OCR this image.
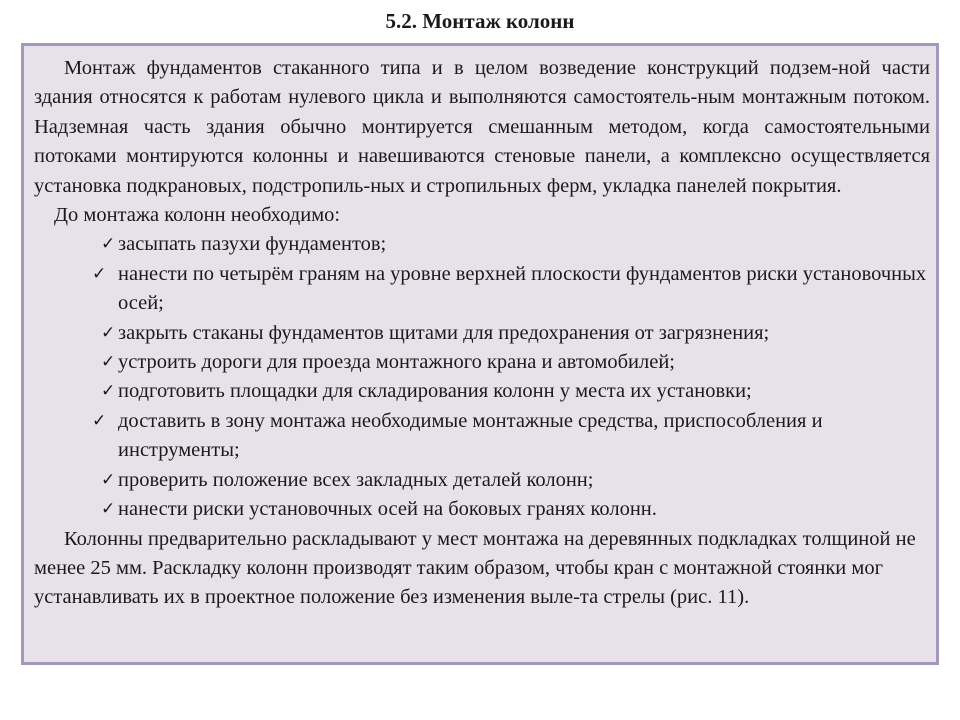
5.2. Монтаж колонн

Монтаж фундаментов стаканного типа и в целом возведение конструкций подзем-ной части здания относятся к работам нулевого цикла и выполняются самостоятель-ным монтажным потоком. Надземная часть здания обычно монтируется смешанным методом, когда самостоятельными потоками монтируются колонны и навешиваются стеновые панели, а комплексно осуществляется установка подкрановых, подстропиль-ных и стропильных ферм, укладка панелей покрытия.

До монтажа колонн необходимо:

✓ засыпать пазухи фундаментов;
✓ нанести по четырём граням на уровне верхней плоскости фундаментов риски установочных осей;
✓ закрыть стаканы фундаментов щитами для предохранения от загрязнения;
✓ устроить дороги для проезда монтажного крана и автомобилей;
✓ подготовить площадки для складирования колонн у места их установки;
✓ доставить в зону монтажа необходимые монтажные средства, приспособления и инструменты;
✓ проверить положение всех закладных деталей колонн;
✓ нанести риски установочных осей на боковых гранях колонн.

Колонны предварительно раскладывают у мест монтажа на деревянных подкладках толщиной не менее 25 мм. Раскладку колонн производят таким образом, чтобы кран с монтажной стоянки мог устанавливать их в проектное положение без изменения выле-та стрелы (рис. 11).
